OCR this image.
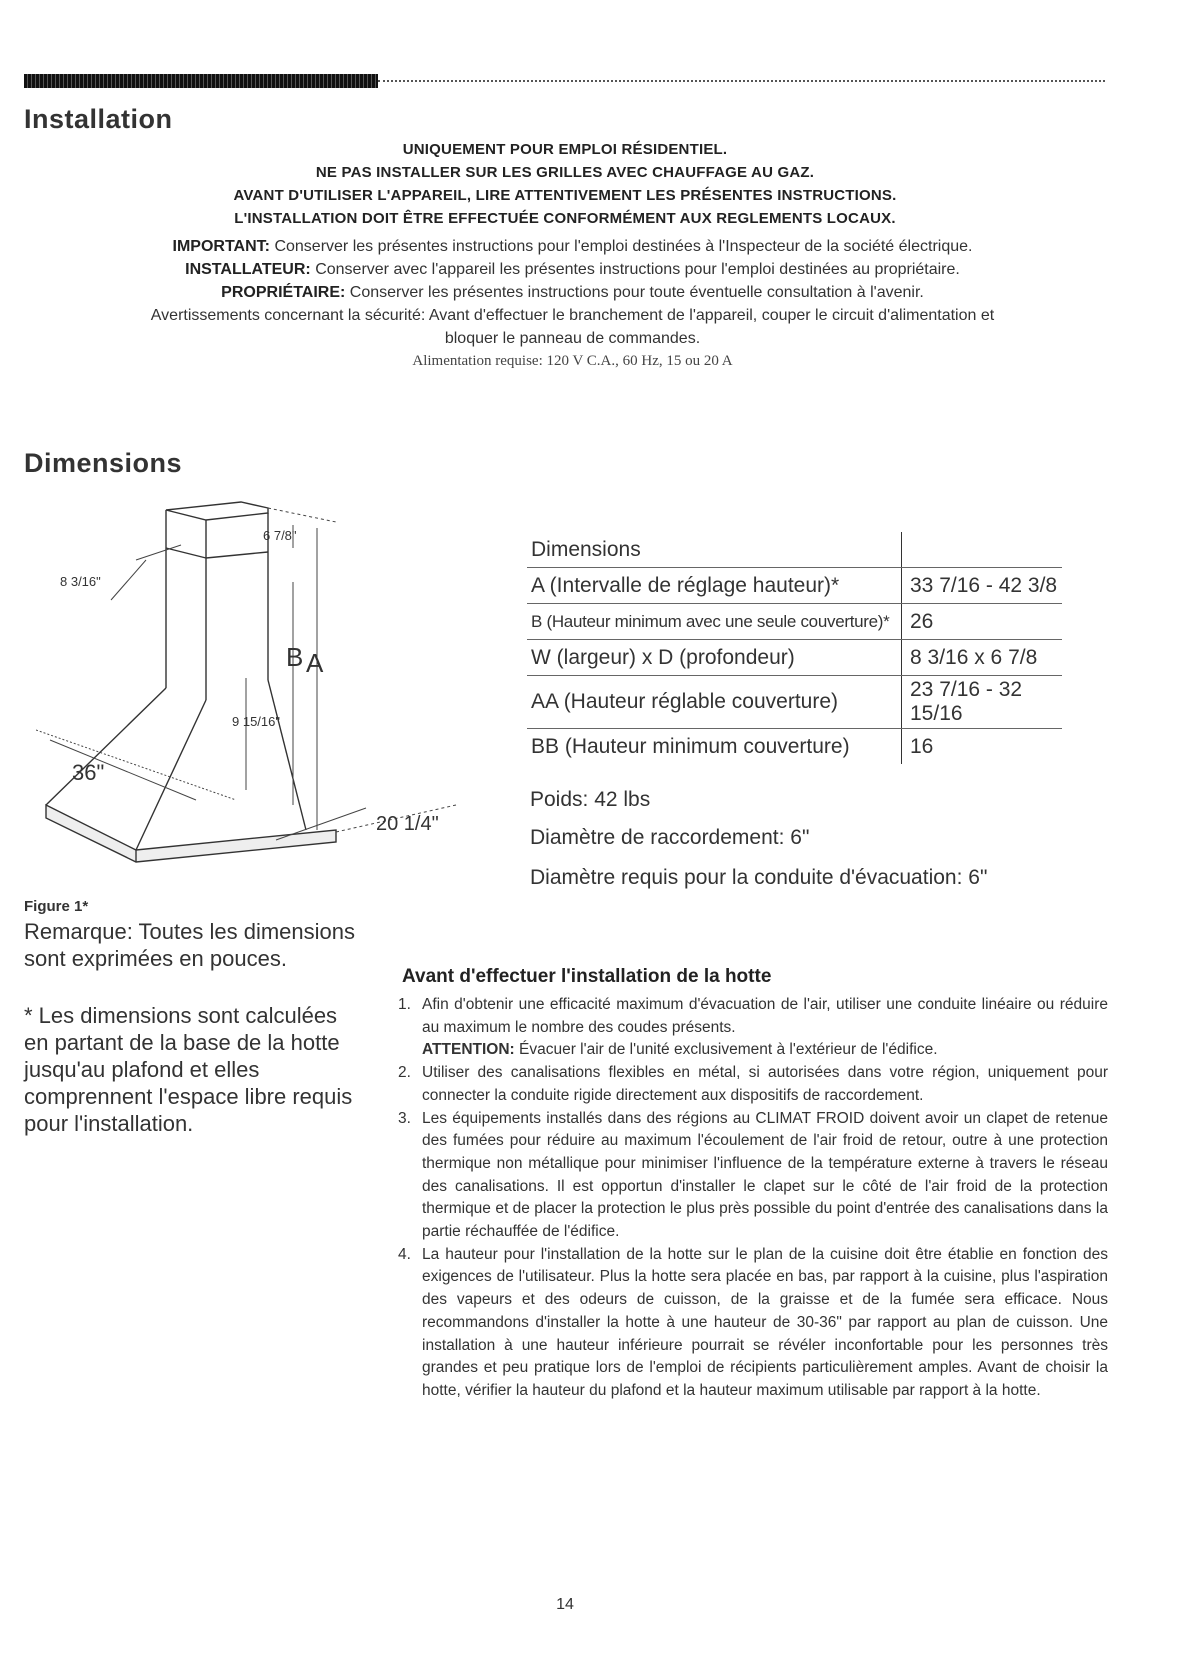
Installation
UNIQUEMENT POUR EMPLOI RÉSIDENTIEL.
NE PAS INSTALLER SUR LES GRILLES AVEC CHAUFFAGE AU GAZ.
AVANT D'UTILISER L'APPAREIL, LIRE ATTENTIVEMENT LES PRÉSENTES INSTRUCTIONS.
L'INSTALLATION DOIT ÊTRE EFFECTUÉE CONFORMÉMENT AUX REGLEMENTS LOCAUX.
IMPORTANT: Conserver les présentes instructions pour l'emploi destinées à l'Inspecteur de la société électrique.
INSTALLATEUR: Conserver avec l'appareil les présentes instructions pour l'emploi destinées au propriétaire.
PROPRIÉTAIRE: Conserver les présentes instructions pour toute éventuelle consultation à l'avenir.
Avertissements concernant la sécurité: Avant d'effectuer le branchement de l'appareil, couper le circuit d'alimentation et
bloquer le panneau de commandes.
Alimentation requise: 120 V C.A., 60 Hz, 15 ou 20 A
Dimensions
8 3/16"
6 7/8"
B A
9 15/16"
36"
20 1/4"
Dimensions	
A (Intervalle de réglage hauteur)*	33 7/16 - 42 3/8
B (Hauteur minimum avec une seule couverture)*	26
W (largeur) x D (profondeur)	8 3/16 x 6 7/8
AA (Hauteur réglable couverture)	23 7/16 - 32 15/16
BB (Hauteur minimum couverture)	16
Poids: 42 lbs
Diamètre de raccordement: 6"
Diamètre requis pour la conduite d'évacuation: 6"
Figure 1*
Remarque: Toutes les dimensions sont exprimées en pouces.
* Les dimensions sont calculées en partant de la base de la hotte jusqu'au plafond et elles comprennent l'espace libre requis pour l'installation.
Avant d'effectuer l'installation de la hotte
1. Afin d'obtenir une efficacité maximum d'évacuation de l'air, utiliser une conduite linéaire ou réduire au maximum le nombre des coudes présents.
ATTENTION: Évacuer l'air de l'unité exclusivement à l'extérieur de l'édifice.
2. Utiliser des canalisations flexibles en métal, si autorisées dans votre région, uniquement pour connecter la conduite rigide directement aux dispositifs de raccordement.
3. Les équipements installés dans des régions au CLIMAT FROID doivent avoir un clapet de retenue des fumées pour réduire au maximum l'écoulement de l'air froid de retour, outre à une protection thermique non métallique pour minimiser l'influence de la température externe à travers le réseau des canalisations. Il est opportun d'installer le clapet sur le côté de l'air froid de la protection thermique et de placer la protection le plus près possible du point d'entrée des canalisations dans la partie réchauffée de l'édifice.
4. La hauteur pour l'installation de la hotte sur le plan de la cuisine doit être établie en fonction des exigences de l'utilisateur. Plus la hotte sera placée en bas, par rapport à la cuisine, plus l'aspiration des vapeurs et des odeurs de cuisson, de la graisse et de la fumée sera efficace. Nous recommandons d'installer la hotte à une hauteur de 30-36" par rapport au plan de cuisson. Une installation à une hauteur inférieure pourrait se révéler inconfortable pour les personnes très grandes et peu pratique lors de l'emploi de récipients particulièrement amples. Avant de choisir la hotte, vérifier la hauteur du plafond et la hauteur maximum utilisable par rapport à la hotte.
14
